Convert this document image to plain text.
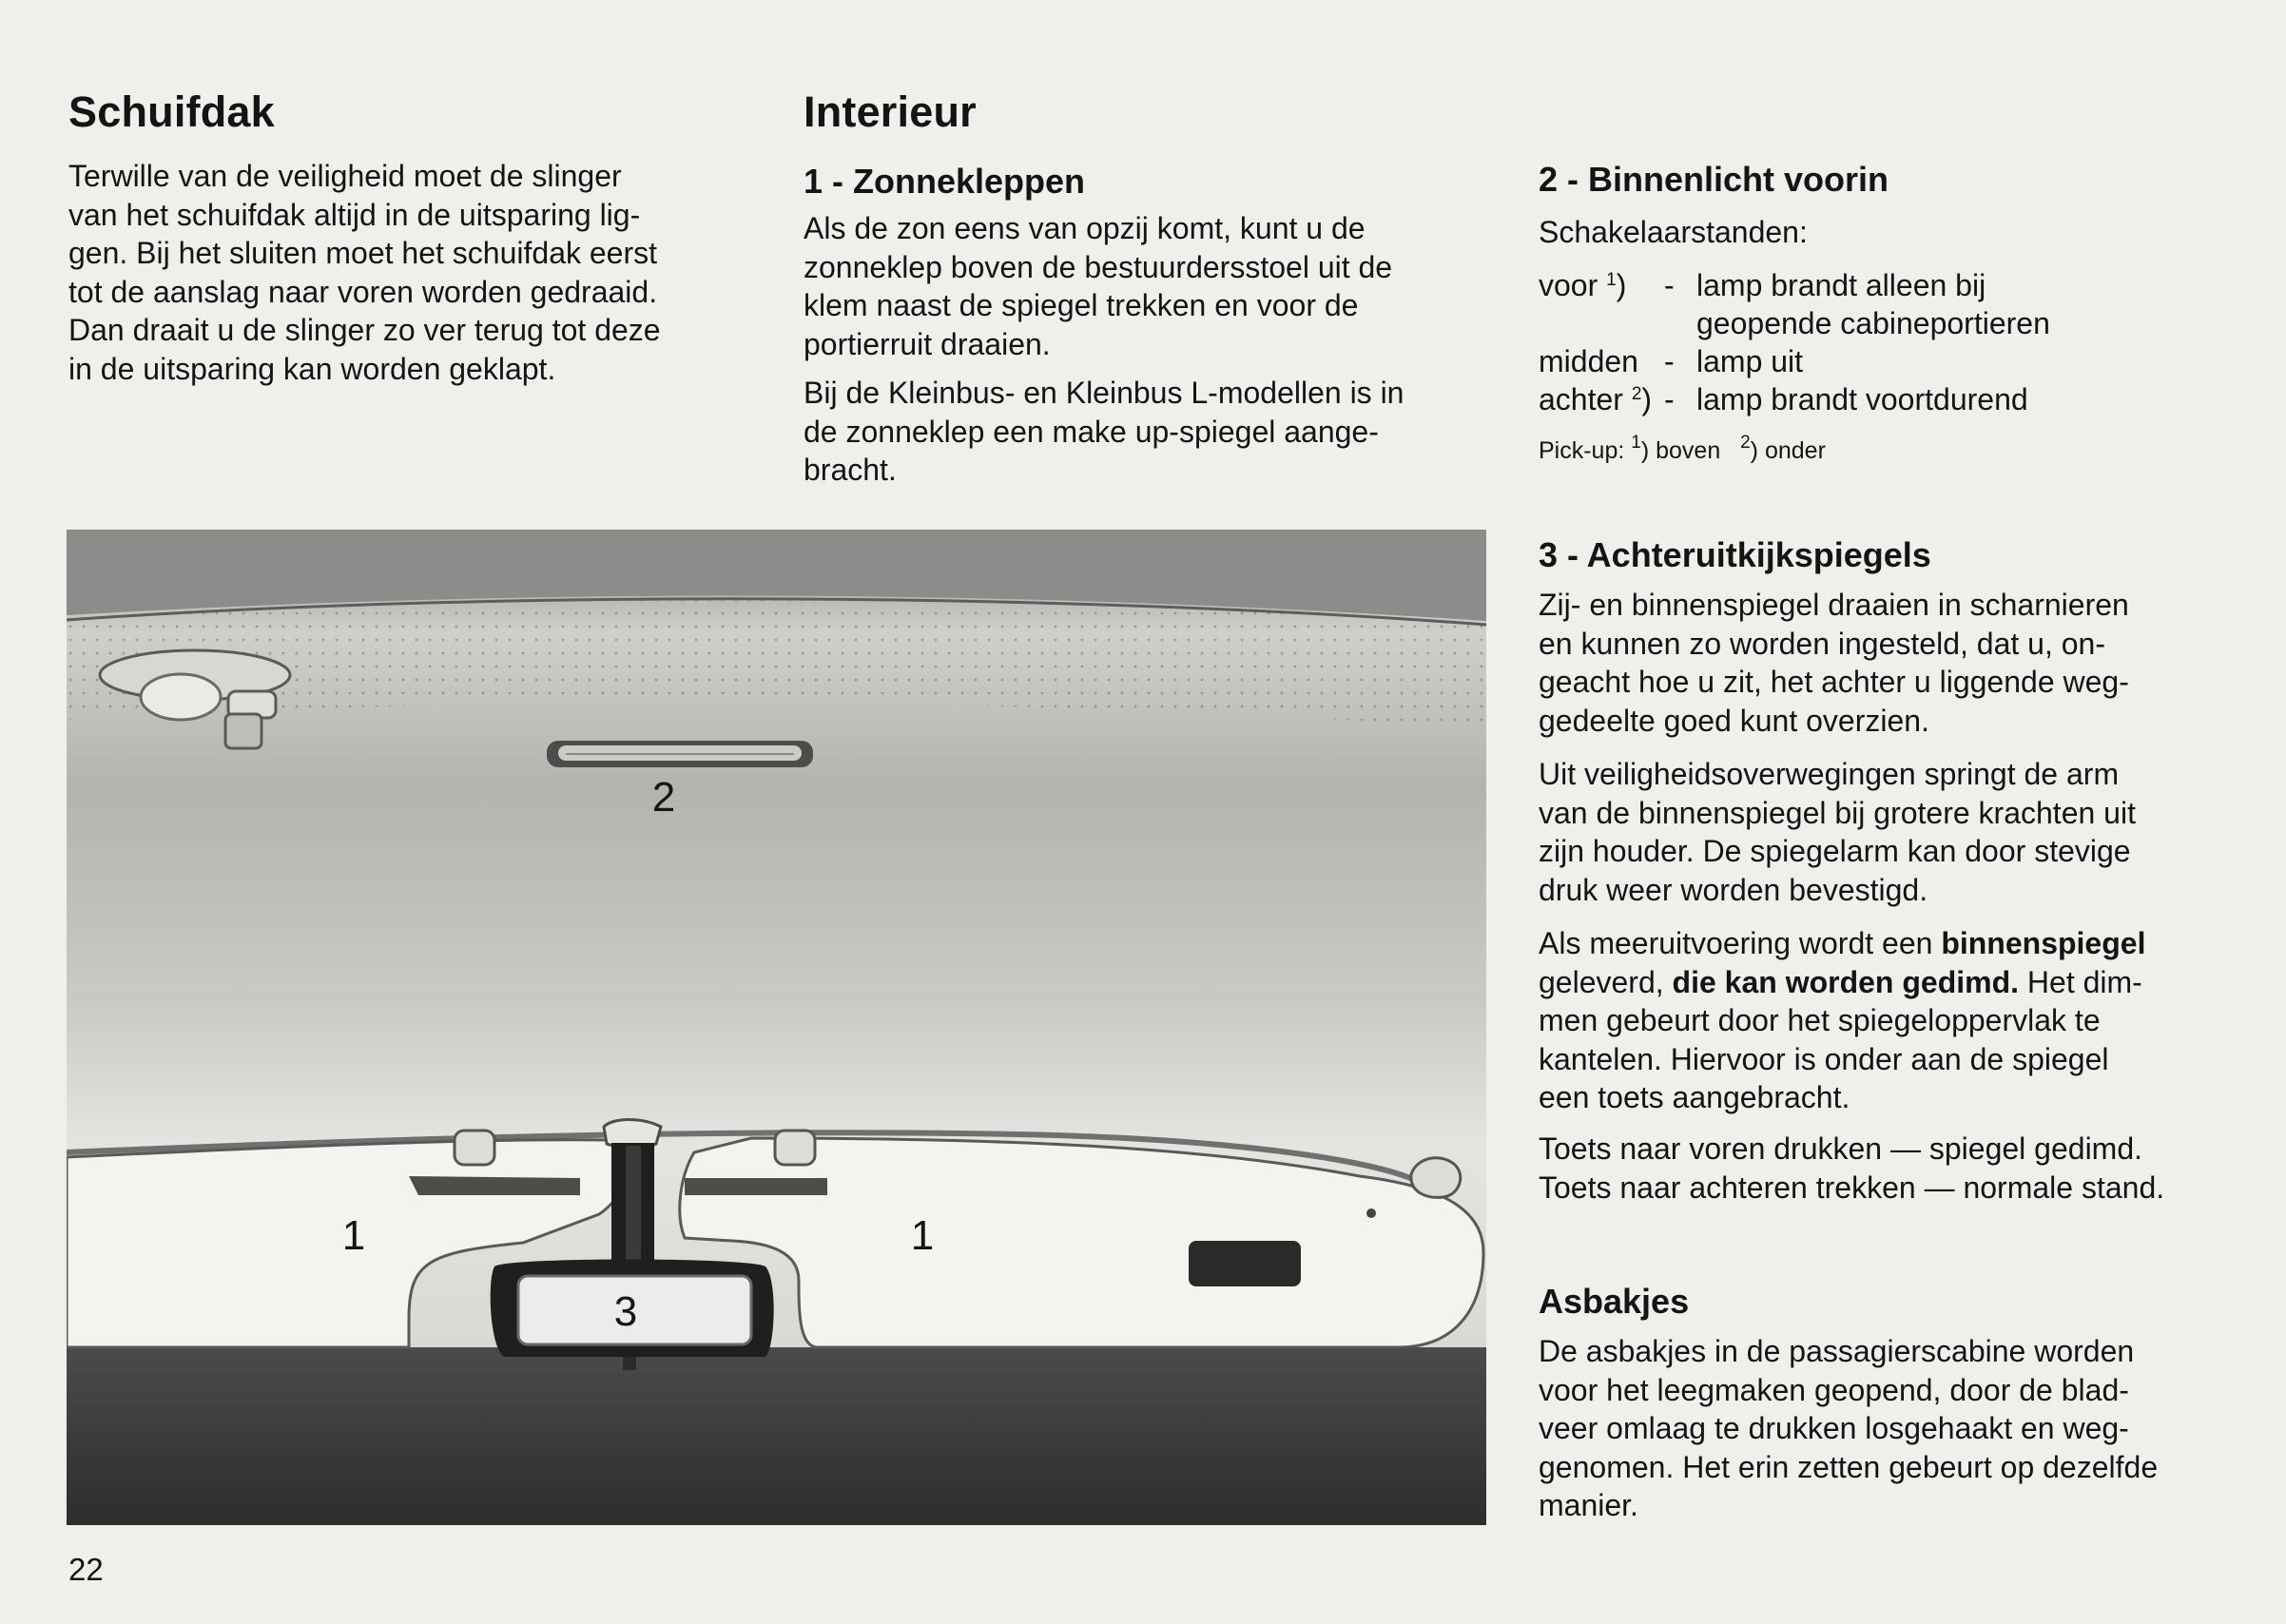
Schuifdak

Terwille van de veiligheid moet de slinger
van het schuifdak altijd in de uitsparing lig-
gen. Bij het sluiten moet het schuifdak eerst
tot de aanslag naar voren worden gedraaid.
Dan draait u de slinger zo ver terug tot deze
in de uitsparing kan worden geklapt.

Interieur
1 - Zonnekleppen

Als de zon eens van opzij komt, kunt u de
zonneklep boven de bestuurdersstoel uit de
klem naast de spiegel trekken en voor de
portierruit draaien.

Bij de Kleinbus- en Kleinbus L-modellen is in
de zonneklep een make up-spiegel aange-
bracht.

2 - Binnenlicht voorin
Schakelaarstanden:
voor $^1$) - lamp brandt alleen bij
geopende cabineportieren
midden - lamp uit
achter $^2$) - lamp brandt voortdurend
Pick-up: $^1$) boven $^2$) onder
3 - Achteruitkijkspiegels

Zij- en binnenspiegel draaien in scharnieren
en kunnen zo worden ingesteld, dat u, on-
geacht hoe u zit, het achter u liggende weg-
gedeelte goed kunt overzien.

Uit veiligheidsoverwegingen springt de arm
van de binnenspiegel bij grotere krachten uit
zijn houder. De spiegelarm kan door stevige
druk weer worden bevestigd.

Als meeruitvoering wordt een binnenspiegel
geleverd, die kan worden gedimd. Het dim-
men gebeurt door het spiegeloppervlak te
kantelen. Hiervoor is onder aan de spiegel
een toets aangebracht.

Toets naar voren drukken — spiegel gedimd.
Toets naar achteren trekken — normale stand.

Asbakjes

De asbakjes in de passagierscabine worden
voor het leegmaken geopend, door de blad-
veer omlaag te drukken losgehaakt en weg-
genomen. Het erin zetten gebeurt op dezelfde
manier.

2
1	1
3
22
